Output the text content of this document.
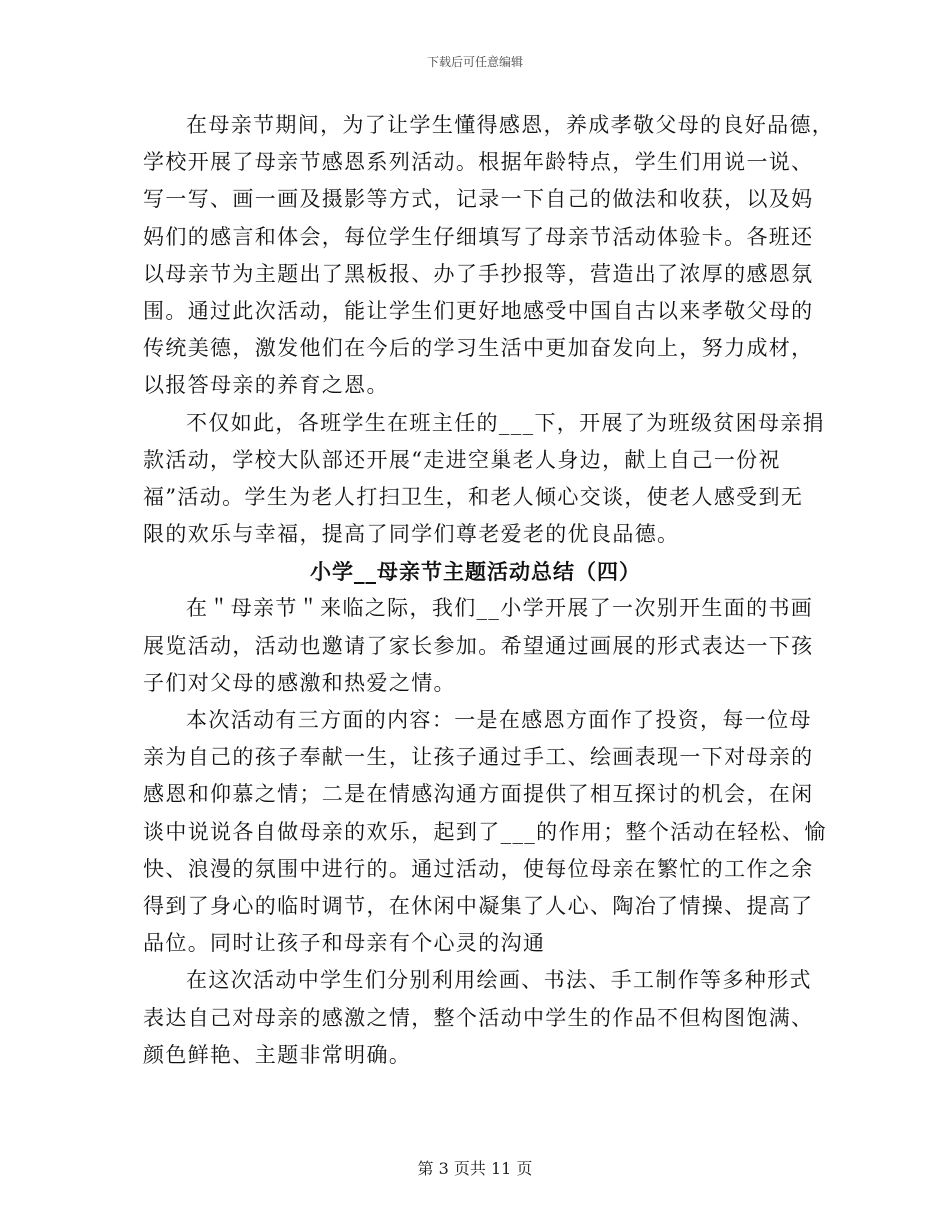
下载后可任意编辑
在母亲节期间，为了让学生懂得感恩，养成孝敬父母的良好品德，
学校开展了母亲节感恩系列活动。根据年龄特点，学生们用说一说、
写一写、画一画及摄影等方式，记录一下自己的做法和收获，以及妈
妈们的感言和体会，每位学生仔细填写了母亲节活动体验卡。各班还
以母亲节为主题出了黑板报、办了手抄报等，营造出了浓厚的感恩氛
围。通过此次活动，能让学生们更好地感受中国自古以来孝敬父母的
传统美德，激发他们在今后的学习生活中更加奋发向上，努力成材，
以报答母亲的养育之恩。
不仅如此，各班学生在班主任的___下，开展了为班级贫困母亲捐
款活动，学校大队部还开展“走进空巢老人身边，献上自己一份祝
福”活动。学生为老人打扫卫生，和老人倾心交谈，使老人感受到无
限的欢乐与幸福，提高了同学们尊老爱老的优良品德。
小学__母亲节主题活动总结（四）
在＂母亲节＂来临之际，我们__小学开展了一次别开生面的书画
展览活动，活动也邀请了家长参加。希望通过画展的形式表达一下孩
子们对父母的感激和热爱之情。
本次活动有三方面的内容：一是在感恩方面作了投资，每一位母
亲为自己的孩子奉献一生，让孩子通过手工、绘画表现一下对母亲的
感恩和仰慕之情；二是在情感沟通方面提供了相互探讨的机会，在闲
谈中说说各自做母亲的欢乐，起到了___的作用；整个活动在轻松、愉
快、浪漫的氛围中进行的。通过活动，使每位母亲在繁忙的工作之余
得到了身心的临时调节，在休闲中凝集了人心、陶冶了情操、提高了
品位。同时让孩子和母亲有个心灵的沟通
在这次活动中学生们分别利用绘画、书法、手工制作等多种形式
表达自己对母亲的感激之情，整个活动中学生的作品不但构图饱满、
颜色鲜艳、主题非常明确。
第 3 页共 11 页
